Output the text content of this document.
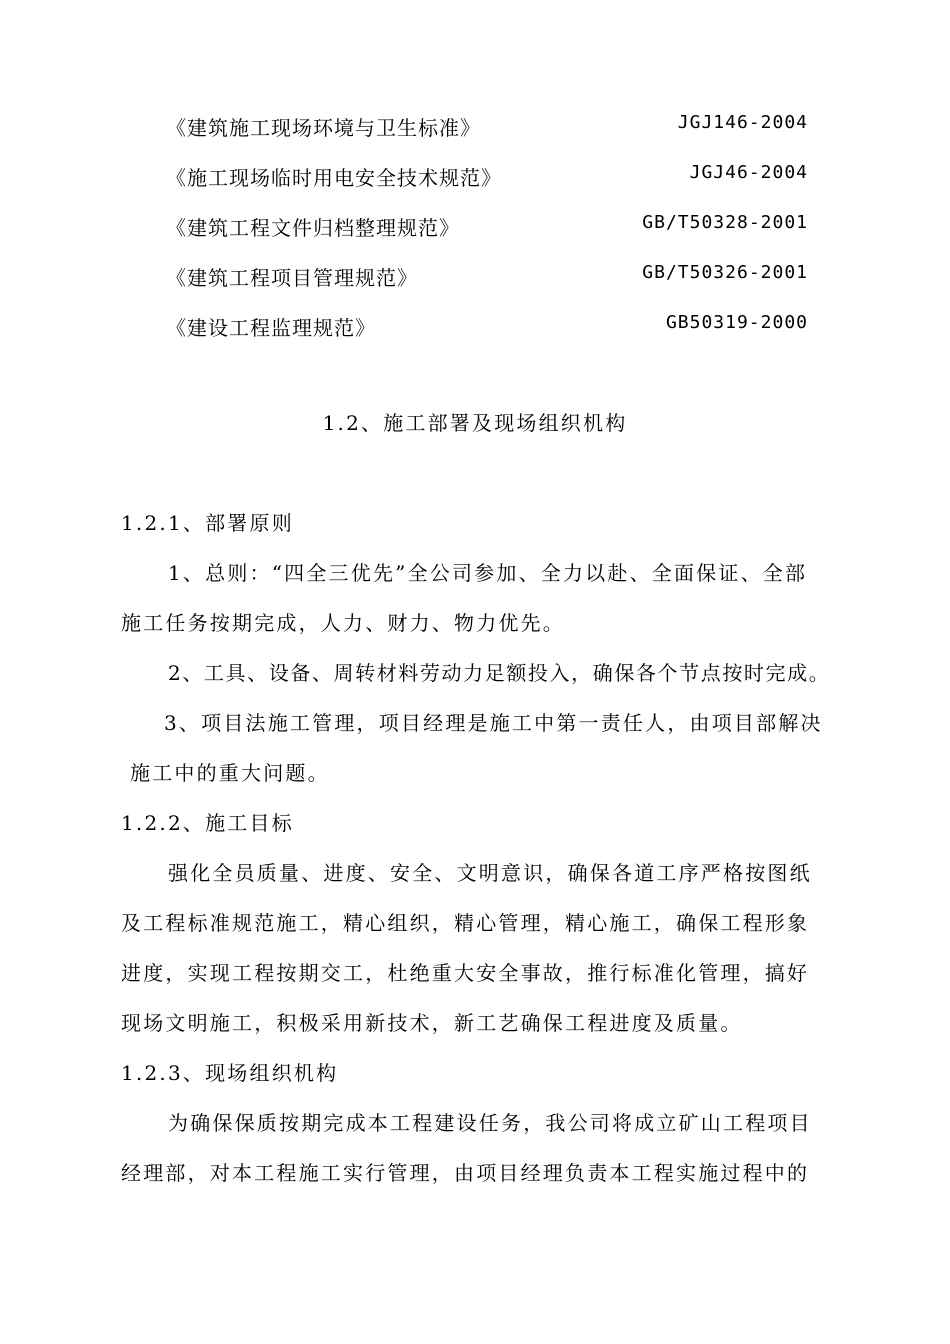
《建筑施工现场环境与卫生标准》	JGJ146-2004
《施工现场临时用电安全技术规范》	JGJ46-2004
《建筑工程文件归档整理规范》	GB/T50328-2001
《建筑工程项目管理规范》	GB/T50326-2001
《建设工程监理规范》	GB50319-2000
1.2、施工部署及现场组织机构
1.2.1、部署原则
1、总则：“四全三优先”全公司参加、全力以赴、全面保证、全部
施工任务按期完成，人力、财力、物力优先。
2、工具、设备、周转材料劳动力足额投入，确保各个节点按时完成。
3、项目法施工管理，项目经理是施工中第一责任人，由项目部解决
施工中的重大问题。
1.2.2、施工目标
强化全员质量、进度、安全、文明意识，确保各道工序严格按图纸
及工程标准规范施工，精心组织，精心管理，精心施工，确保工程形象
进度，实现工程按期交工，杜绝重大安全事故，推行标准化管理，搞好
现场文明施工，积极采用新技术，新工艺确保工程进度及质量。
1.2.3、现场组织机构
为确保保质按期完成本工程建设任务，我公司将成立矿山工程项目
经理部，对本工程施工实行管理，由项目经理负责本工程实施过程中的
